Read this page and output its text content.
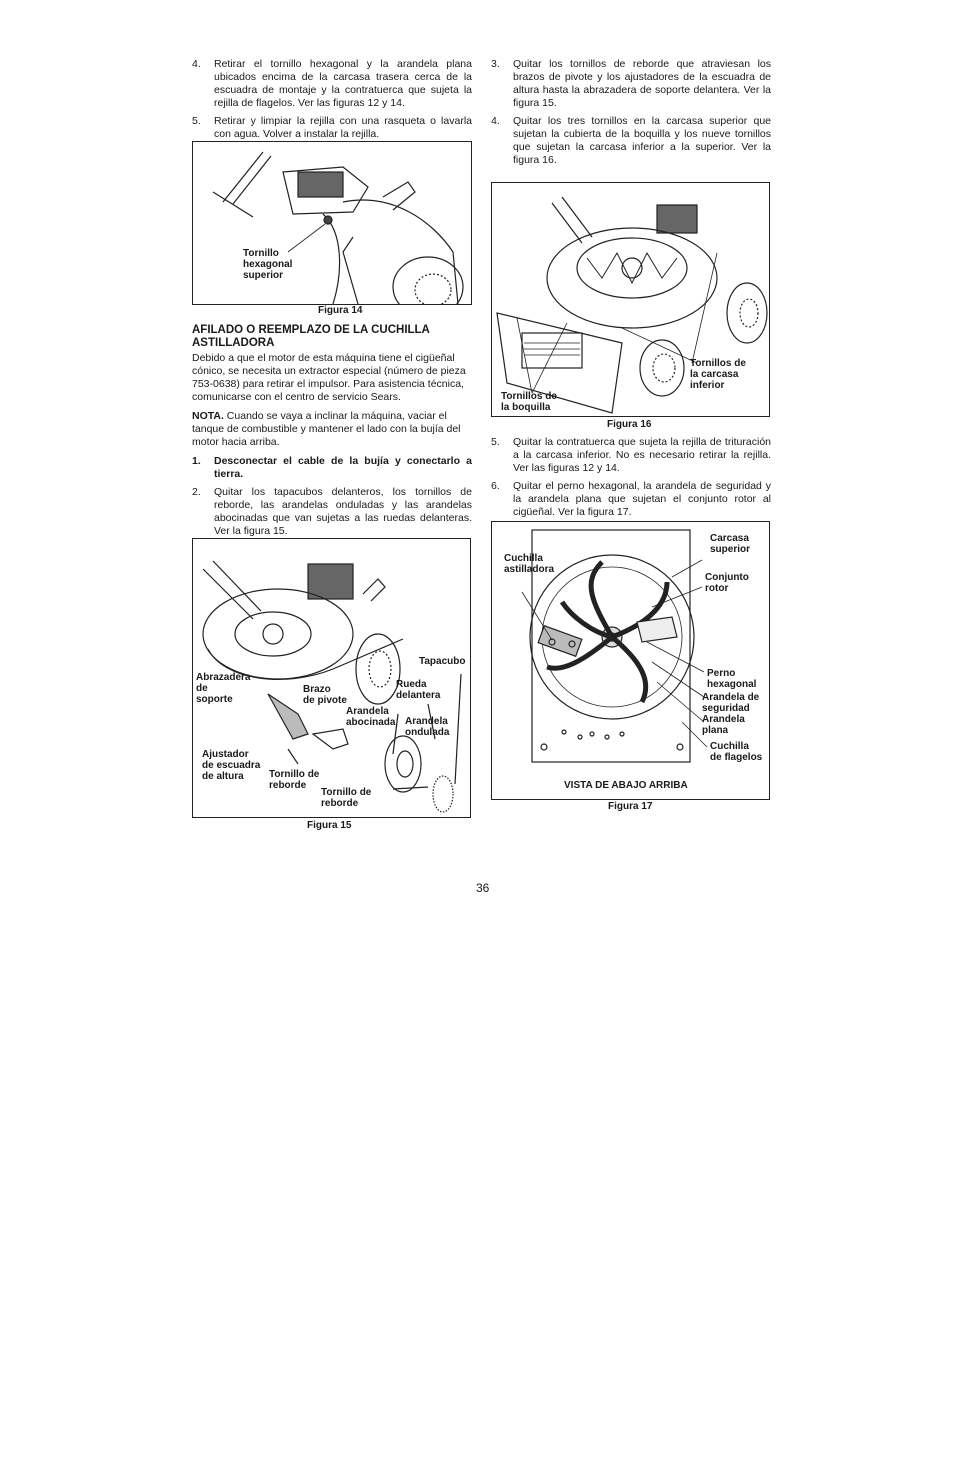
4. Retirar el tornillo hexagonal y la arandela plana ubicados encima de la carcasa trasera cerca de la escuadra de montaje y la contratuerca que sujeta la rejilla de flagelos. Ver las figuras 12 y 14.
5. Retirar y limpiar la rejilla con una rasqueta o lavarla con agua. Volver a instalar la rejilla.
Tornillo
hexagonal
superior
Figura 14
AFILADO O REEMPLAZO DE LA CUCHILLA ASTILLADORA
Debido a que el motor de esta máquina tiene el cigüeñal cónico, se necesita un extractor especial (número de pieza 753-0638) para retirar el impulsor. Para asistencia técnica, comunicarse con el centro de servicio Sears.
NOTA. Cuando se vaya a inclinar la máquina, vaciar el tanque de combustible y mantener el lado con la bujía del motor hacia arriba.
1. Desconectar el cable de la bujía y conectarlo a tierra.
2. Quitar los tapacubos delanteros, los tornillos de reborde, las arandelas onduladas y las arandelas abocinadas que van sujetas a las ruedas delanteras. Ver la figura 15.
Abrazadera
de
soporte
Brazo
de pivote
Tapacubo
Rueda
delantera
Arandela
abocinada Arandela
ondulada
Ajustador
de escuadra
de altura	Tornillo de
reborde
Tornillo de
reborde
Figura 15
3. Quitar los tornillos de reborde que atraviesan los brazos de pivote y los ajustadores de la escuadra de altura hasta la abrazadera de soporte delantera. Ver la figura 15.
4. Quitar los tres tornillos en la carcasa superior que sujetan la cubierta de la boquilla y los nueve tornillos que sujetan la carcasa inferior a la superior. Ver la figura 16.
Tornillos de
la carcasa
inferior
Tornillos de
la boquilla
Figura 16
5. Quitar la contratuerca que sujeta la rejilla de trituración a la carcasa inferior. No es necesario retirar la rejilla. Ver las figuras 12 y 14.
6. Quitar el perno hexagonal, la arandela de seguridad y la arandela plana que sujetan el conjunto rotor al cigüeñal. Ver la figura 17.
Carcasa
superior
Cuchilla
astilladora
Conjunto
rotor
Perno
hexagonal
Arandela de
seguridad
Arandela
plana
Cuchilla
de flagelos
VISTA DE ABAJO ARRIBA
Figura 17
36
